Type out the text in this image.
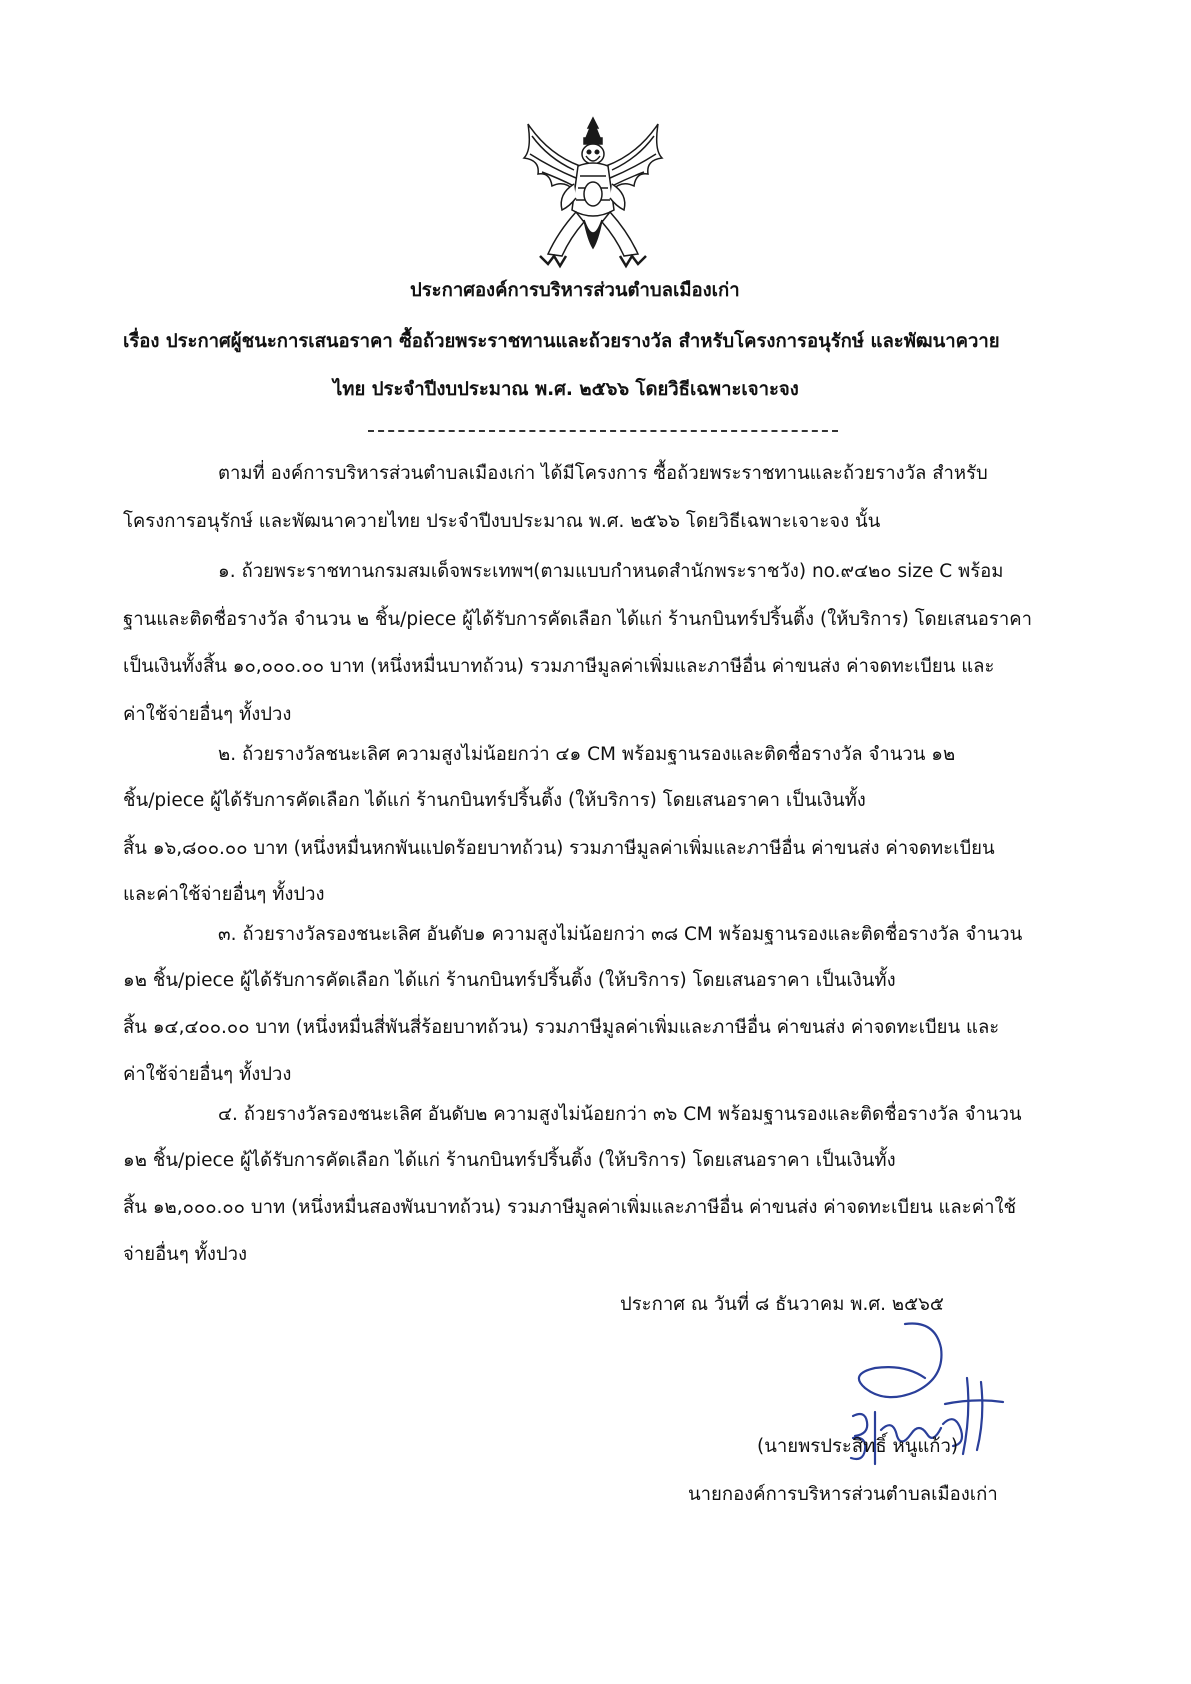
ประกาศองค์การบริหารส่วนตำบลเมืองเก่า
เรื่อง ประกาศผู้ชนะการเสนอราคา ซื้อถ้วยพระราชทานและถ้วยรางวัล สำหรับโครงการอนุรักษ์ และพัฒนาควาย
ไทย ประจำปีงบประมาณ พ.ศ. ๒๕๖๖ โดยวิธีเฉพาะเจาะจง
ตามที่ องค์การบริหารส่วนตำบลเมืองเก่า ได้มีโครงการ ซื้อถ้วยพระราชทานและถ้วยรางวัล สำหรับ
โครงการอนุรักษ์ และพัฒนาควายไทย ประจำปีงบประมาณ พ.ศ. ๒๕๖๖ โดยวิธีเฉพาะเจาะจง นั้น
๑. ถ้วยพระราชทานกรมสมเด็จพระเทพฯ(ตามแบบกำหนดสำนักพระราชวัง) no.๙๔๒๐ size C พร้อม
ฐานและติดชื่อรางวัล จำนวน ๒ ชิ้น/piece ผู้ได้รับการคัดเลือก ได้แก่ ร้านกบินทร์ปริ้นติ้ง (ให้บริการ) โดยเสนอราคา
เป็นเงินทั้งสิ้น ๑๐,๐๐๐.๐๐ บาท (หนึ่งหมื่นบาทถ้วน) รวมภาษีมูลค่าเพิ่มและภาษีอื่น ค่าขนส่ง ค่าจดทะเบียน และ
ค่าใช้จ่ายอื่นๆ ทั้งปวง
๒. ถ้วยรางวัลชนะเลิศ ความสูงไม่น้อยกว่า ๔๑ CM พร้อมฐานรองและติดชื่อรางวัล จำนวน ๑๒
ชิ้น/piece ผู้ได้รับการคัดเลือก ได้แก่ ร้านกบินทร์ปริ้นติ้ง (ให้บริการ) โดยเสนอราคา เป็นเงินทั้ง
สิ้น ๑๖,๘๐๐.๐๐ บาท (หนึ่งหมื่นหกพันแปดร้อยบาทถ้วน) รวมภาษีมูลค่าเพิ่มและภาษีอื่น ค่าขนส่ง ค่าจดทะเบียน
และค่าใช้จ่ายอื่นๆ ทั้งปวง
๓. ถ้วยรางวัลรองชนะเลิศ อันดับ๑ ความสูงไม่น้อยกว่า ๓๘ CM พร้อมฐานรองและติดชื่อรางวัล จำนวน
๑๒ ชิ้น/piece ผู้ได้รับการคัดเลือก ได้แก่ ร้านกบินทร์ปริ้นติ้ง (ให้บริการ) โดยเสนอราคา เป็นเงินทั้ง
สิ้น ๑๔,๔๐๐.๐๐ บาท (หนึ่งหมื่นสี่พันสี่ร้อยบาทถ้วน) รวมภาษีมูลค่าเพิ่มและภาษีอื่น ค่าขนส่ง ค่าจดทะเบียน และ
ค่าใช้จ่ายอื่นๆ ทั้งปวง
๔. ถ้วยรางวัลรองชนะเลิศ อันดับ๒ ความสูงไม่น้อยกว่า ๓๖ CM พร้อมฐานรองและติดชื่อรางวัล จำนวน
๑๒ ชิ้น/piece ผู้ได้รับการคัดเลือก ได้แก่ ร้านกบินทร์ปริ้นติ้ง (ให้บริการ) โดยเสนอราคา เป็นเงินทั้ง
สิ้น ๑๒,๐๐๐.๐๐ บาท (หนึ่งหมื่นสองพันบาทถ้วน) รวมภาษีมูลค่าเพิ่มและภาษีอื่น ค่าขนส่ง ค่าจดทะเบียน และค่าใช้
จ่ายอื่นๆ ทั้งปวง
ประกาศ ณ วันที่ ๘ ธันวาคม พ.ศ. ๒๕๖๕
(นายพรประสิทธิ์ หนูแก้ว)
นายกองค์การบริหารส่วนตำบลเมืองเก่า
